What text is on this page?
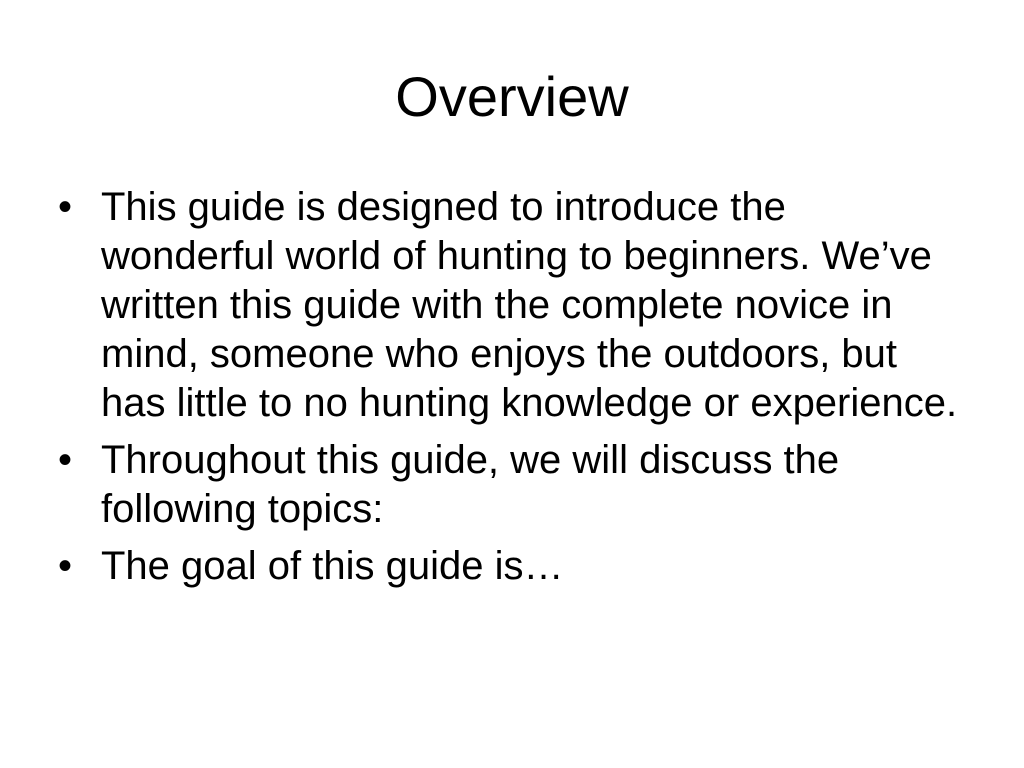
Overview
• This guide is designed to introduce the wonderful world of hunting to beginners. We’ve written this guide with the complete novice in mind, someone who enjoys the outdoors, but has little to no hunting knowledge or experience.
• Throughout this guide, we will discuss the following topics:
• The goal of this guide is…
